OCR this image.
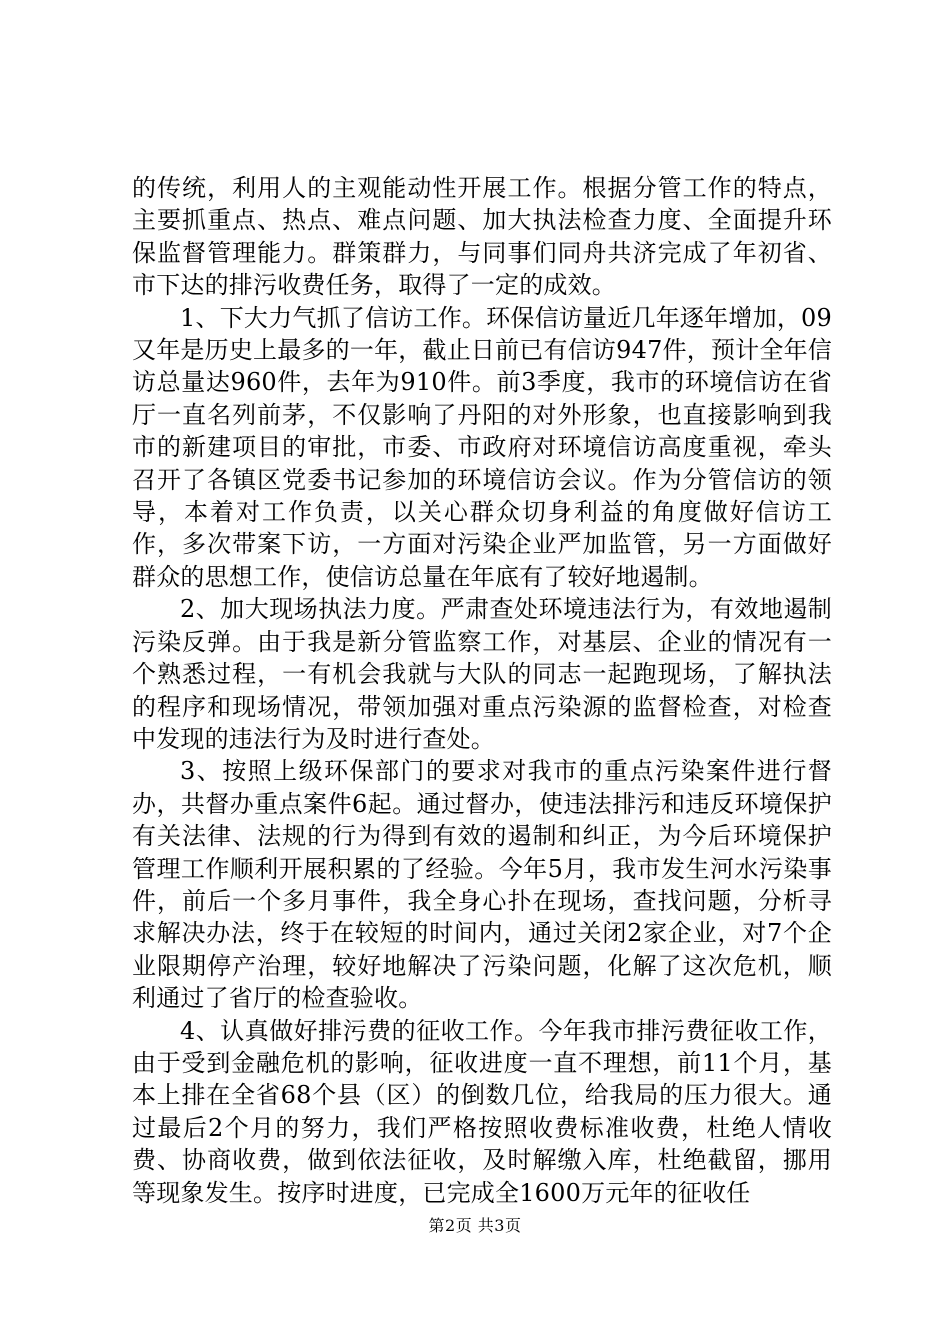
的传统，利用人的主观能动性开展工作。根据分管工作的特点，主要抓重点、热点、难点问题、加大执法检查力度、全面提升环保监督管理能力。群策群力，与同事们同舟共济完成了年初省、市下达的排污收费任务，取得了一定的成效。

1、下大力气抓了信访工作。环保信访量近几年逐年增加，09又年是历史上最多的一年，截止日前已有信访947件，预计全年信访总量达960件，去年为910件。前3季度，我市的环境信访在省厅一直名列前茅，不仅影响了丹阳的对外形象，也直接影响到我市的新建项目的审批，市委、市政府对环境信访高度重视，牵头召开了各镇区党委书记参加的环境信访会议。作为分管信访的领导，本着对工作负责，以关心群众切身利益的角度做好信访工作，多次带案下访，一方面对污染企业严加监管，另一方面做好群众的思想工作，使信访总量在年底有了较好地遏制。

2、加大现场执法力度。严肃查处环境违法行为，有效地遏制污染反弹。由于我是新分管监察工作，对基层、企业的情况有一个熟悉过程，一有机会我就与大队的同志一起跑现场，了解执法的程序和现场情况，带领加强对重点污染源的监督检查，对检查中发现的违法行为及时进行查处。

3、按照上级环保部门的要求对我市的重点污染案件进行督办，共督办重点案件6起。通过督办，使违法排污和违反环境保护有关法律、法规的行为得到有效的遏制和纠正，为今后环境保护管理工作顺利开展积累的了经验。今年5月，我市发生河水污染事件，前后一个多月事件，我全身心扑在现场，查找问题，分析寻求解决办法，终于在较短的时间内，通过关闭2家企业，对7个企业限期停产治理，较好地解决了污染问题，化解了这次危机，顺利通过了省厅的检查验收。

4、认真做好排污费的征收工作。今年我市排污费征收工作，由于受到金融危机的影响，征收进度一直不理想，前11个月，基本上排在全省68个县（区）的倒数几位，给我局的压力很大。通过最后2个月的努力，我们严格按照收费标准收费，杜绝人情收费、协商收费，做到依法征收，及时解缴入库，杜绝截留，挪用等现象发生。按序时进度，已完成全1600万元年的征收任

第2页 共3页
